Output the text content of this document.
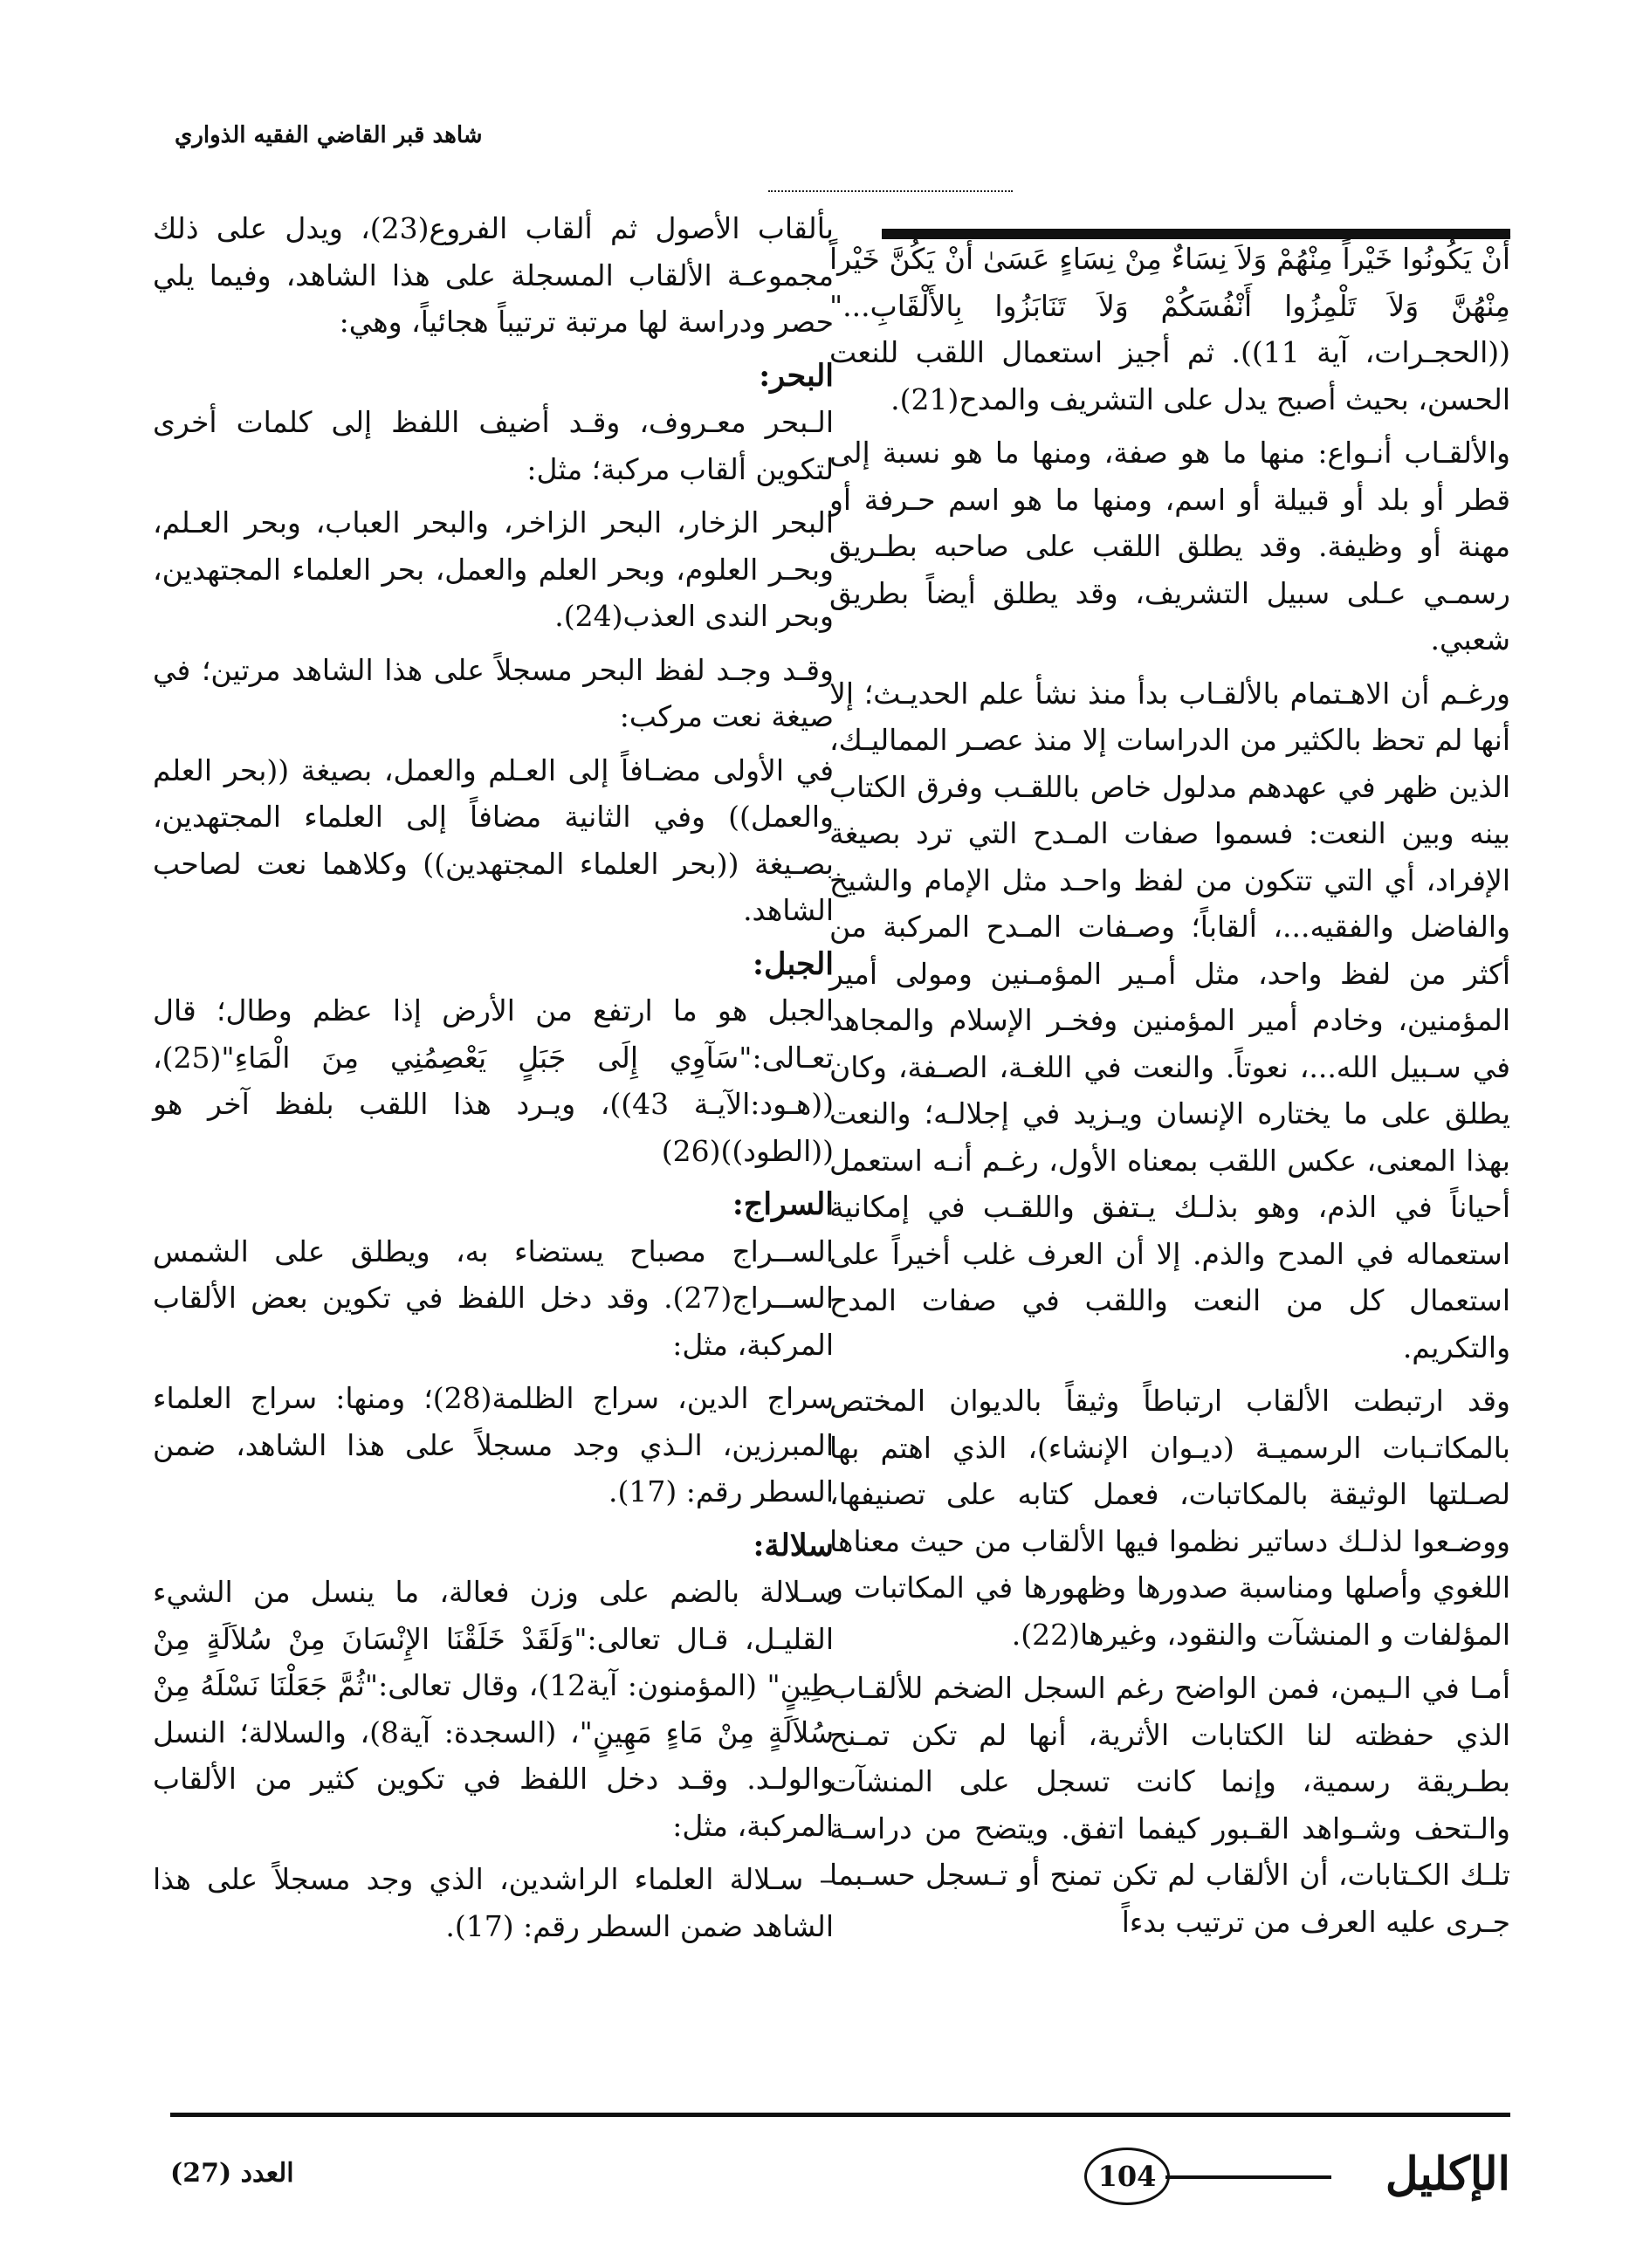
شاهد قبر القاضي الفقيه الذواري

أَنْ يَكُونُوا خَيْراً مِنْهُمْ وَلاَ نِسَاءٌ مِنْ نِسَاءٍ عَسَىٰ أَنْ يَكُنَّ خَيْراً مِنْهُنَّ وَلاَ تَلْمِزُوا أَنْفُسَكُمْ وَلاَ تَنَابَزُوا بِالأَلْقَابِ..." ((الحجـرات، آية 11)). ثم أجيز استعمال اللقب للنعت الحسن، بحيث أصبح يدل على التشريف والمدح(21).

والألقـاب أنـواع: منها ما هو صفة، ومنها ما هو نسبة إلى قطر أو بلد أو قبيلة أو اسم، ومنها ما هو اسم حـرفة أو مهنة أو وظيفة. وقد يطلق اللقب على صاحبه بطـريق رسمـي عـلى سبيل التشريف، وقد يطلق أيضاً بطريق شعبي.

ورغـم أن الاهـتمام بالألقـاب بدأ منذ نشأ علم الحديـث؛ إلا أنها لم تحظ بالكثير من الدراسات إلا منذ عصـر المماليـك، الذين ظهر في عهدهم مدلول خاص باللقـب وفرق الكتاب بينه وبين النعت: فسموا صفات المـدح التي ترد بصيغة الإفراد، أي التي تتكون من لفظ واحـد مثل الإمام والشيخ والفاضل والفقيه...، ألقاباً؛ وصـفات المـدح المركبة من أكثر من لفظ واحد، مثل أمـير المؤمـنين ومولى أمير المؤمنين، وخادم أمير المؤمنين وفخـر الإسلام والمجاهد في سـبيل الله...، نعوتاً. والنعت في اللغـة، الصـفة، وكان يطلق على ما يختاره الإنسان ويـزيد في إجلالـه؛ والنعت بهذا المعنى، عكس اللقب بمعناه الأول، رغـم أنـه استعمل أحياناً في الذم، وهو بذلـك يـتفق واللقـب في إمكانية استعماله في المدح والذم. إلا أن العرف غلب أخيراً على استعمال كل من النعت واللقب في صفات المدح والتكريم.

وقد ارتبطت الألقاب ارتباطاً وثيقاً بالديوان المختص بالمكاتـبات الرسميـة (ديـوان الإنشاء)، الذي اهتم بها لصـلتها الوثيقة بالمكاتبات، فعمل كتابه على تصنيفها، ووضـعوا لذلـك دساتير نظموا فيها الألقاب من حيث معناها اللغوي وأصلها ومناسبة صدورها وظهورها في المكاتبات و المؤلفات و المنشآت والنقود، وغيرها(22).

أمـا في الـيمن، فمن الواضح رغم السجل الضخم للألقـاب الذي حفظته لنا الكتابات الأثرية، أنها لم تكن تمـنح بطـريقة رسمية، وإنما كانت تسجل على المنشآت والـتحف وشـواهد القـبور كيفما اتفق. ويتضح من دراسـة تلـك الكـتابات، أن الألقاب لم تكن تمنح أو تـسجل حسـبما جـرى عليه العرف من ترتيب بدءاً

بألقاب الأصول ثم ألقاب الفروع(23)، ويدل على ذلك مجموعـة الألقاب المسجلة على هذا الشاهد، وفيما يلي حصر ودراسة لها مرتبة ترتيباً هجائياً، وهي:

البحر:

الـبحر معـروف، وقـد أضيف اللفظ إلى كلمات أخرى لتكوين ألقاب مركبة؛ مثل:

البحر الزخار، البحر الزاخر، والبحر العباب، وبحر العـلم، وبحـر العلوم، وبحر العلم والعمل، بحر العلماء المجتهدين، وبحر الندى العذب(24).

وقـد وجـد لفظ البحر مسجلاً على هذا الشاهد مرتين؛ في صيغة نعت مركب:

في الأولى مضـافاً إلى العـلم والعمل، بصيغة ((بحر العلم والعمل)) وفي الثانية مضافاً إلى العلماء المجتهدين، بصـيغة ((بحر العلماء المجتهدين)) وكلاهما نعت لصاحب الشاهد.

الجبل:

الجبل هو ما ارتفع من الأرض إذا عظم وطال؛ قال تعـالى:"سَآوِي إِلَى جَبَلٍ يَعْصِمُنِي مِنَ الْمَاءِ"(25)، ((هـود:الآيـة 43))، ويـرد هذا اللقب بلفظ آخر هو ((الطود))(26)

السراج:

الســراج مصباح يستضاء به، ويطلق على الشمس الســراج(27). وقد دخل اللفظ في تكوين بعض الألقاب المركبة، مثل:

سراج الدين، سراج الظلمة(28)؛ ومنها: سراج العلماء المبرزين، الـذي وجد مسجلاً على هذا الشاهد، ضمن السطر رقم: (17).

سلالة:

سـلالة بالضم على وزن فعالة، ما ينسل من الشيء القليـل، قـال تعالى:"وَلَقَدْ خَلَقْنَا الإِنْسَانَ مِنْ سُلاَلَةٍ مِنْ طِينٍ" (المؤمنون: آية12)، وقال تعالى:"ثُمَّ جَعَلْنَا نَسْلَهُ مِنْ سُلاَلَةٍ مِنْ مَاءٍ مَهِينٍ"، (السجدة: آية8)، والسلالة؛ النسل والولـد. وقـد دخل اللفظ في تكوين كثير من الألقاب المركبة، مثل:

– سـلالة العلماء الراشدين، الذي وجد مسجلاً على هذا الشاهد ضمن السطر رقم: (17).

الإكليل
104
العدد (27)
